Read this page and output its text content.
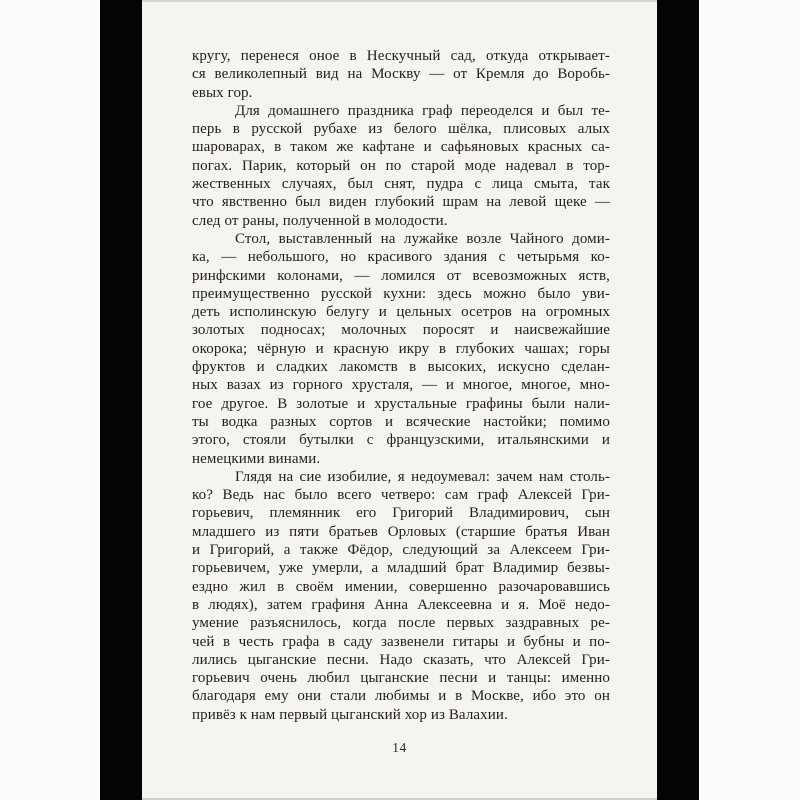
кругу, перенеся оное в Нескучный сад, откуда открывает-
ся великолепный вид на Москву — от Кремля до Воробь-
евых гор.
Для домашнего праздника граф переоделся и был те-
перь в русской рубахе из белого шёлка, плисовых алых
шароварах, в таком же кафтане и сафьяновых красных са-
погах. Парик, который он по старой моде надевал в тор-
жественных случаях, был снят, пудра с лица смыта, так
что явственно был виден глубокий шрам на левой щеке —
след от раны, полученной в молодости.
Стол, выставленный на лужайке возле Чайного доми-
ка, — небольшого, но красивого здания с четырьмя ко-
ринфскими колонами, — ломился от всевозможных яств,
преимущественно русской кухни: здесь можно было уви-
деть исполинскую белугу и цельных осетров на огромных
золотых подносах; молочных поросят и наисвежайшие
окорока; чёрную и красную икру в глубоких чашах; горы
фруктов и сладких лакомств в высоких, искусно сделан-
ных вазах из горного хрусталя, — и многое, многое, мно-
гое другое. В золотые и хрустальные графины были нали-
ты водка разных сортов и всяческие настойки; помимо
этого, стояли бутылки с французскими, итальянскими и
немецкими винами.
Глядя на сие изобилие, я недоумевал: зачем нам столь-
ко? Ведь нас было всего четверо: сам граф Алексей Гри-
горьевич, племянник его Григорий Владимирович, сын
младшего из пяти братьев Орловых (старшие братья Иван
и Григорий, а также Фёдор, следующий за Алексеем Гри-
горьевичем, уже умерли, а младший брат Владимир безвы-
ездно жил в своём имении, совершенно разочаровавшись
в людях), затем графиня Анна Алексеевна и я. Моё недо-
умение разъяснилось, когда после первых заздравных ре-
чей в честь графа в саду зазвенели гитары и бубны и по-
лились цыганские песни. Надо сказать, что Алексей Гри-
горьевич очень любил цыганские песни и танцы: именно
благодаря ему они стали любимы и в Москве, ибо это он
привёз к нам первый цыганский хор из Валахии.
14
